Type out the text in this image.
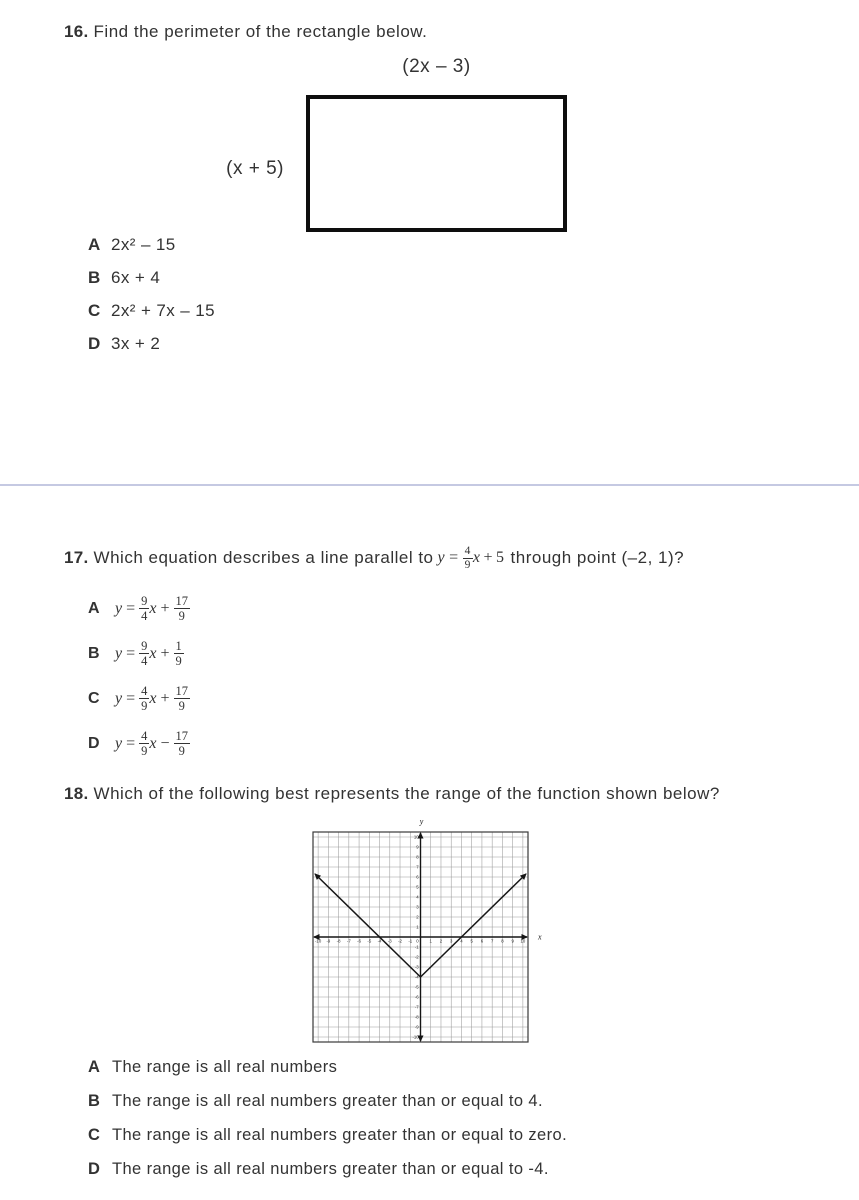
16. Find the perimeter of the rectangle below.
(2x – 3)
(x + 5)
A 2x² – 15
B 6x + 4
C 2x² + 7x – 15
D 3x + 2
17. Which equation describes a line parallel to $y = \frac{4}{9}$ x + 5 through point (–2, 1)?
A $y = \frac{9}{4}$ $x + \frac{17}{9}$
B $y = \frac{9}{4}$ $x + \frac{1}{9}$
C $y = \frac{4}{9}$ $x + \frac{17}{9}$
D $y = \frac{4}{9}$ $x - \frac{17}{9}$
18. Which of the following best represents the range of the function shown below?
-10
-10
-9
-9
-8
-8
-7
-7
-6
-6
-5
-5
-4
-4
-3
-3
-2
-2
-1
-1
0	1
1
2
2
3
3
4
4
5
5
6
6
7
7
8
8
9
9
10
10
x
y
A The range is all real numbers
B The range is all real numbers greater than or equal to 4.
C The range is all real numbers greater than or equal to zero.
D The range is all real numbers greater than or equal to -4.
